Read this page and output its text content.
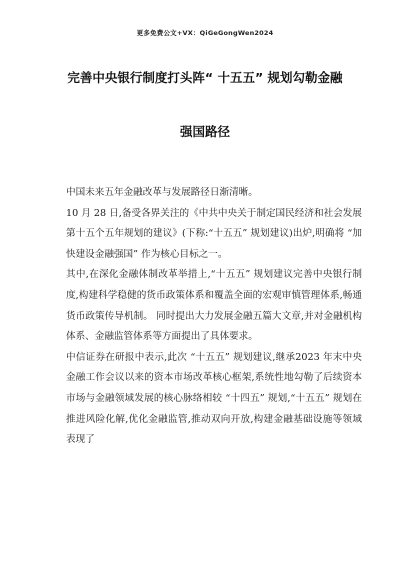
更多免费公文+VX：QiGeGongWen2024
完善中央银行制度打头阵“ 十五五” 规划勾勒金融
强国路径

中国未来五年金融改革与发展路径日渐清晰。

10 月 28 日,备受各界关注的《中共中央关于制定国民经济和社会发展第十五个五年规划的建议》(下称:“十五五” 规划建议)出炉,明确将 “加快建设金融强国” 作为核心目标之一。

其中,在深化金融体制改革举措上,“十五五” 规划建议完善中央银行制度,构建科学稳健的货币政策体系和覆盖全面的宏观审慎管理体系,畅通货币政策传导机制。 同时提出大力发展金融五篇大文章,并对金融机构体系、金融监管体系等方面提出了具体要求。

中信证券在研报中表示,此次 “十五五” 规划建议,继承2023 年末中央金融工作会议以来的资本市场改革核心框架,系统性地勾勒了后续资本市场与金融领域发展的核心脉络相较 “十四五” 规划,“十五五” 规划在推进风险化解,优化金融监管,推动双向开放,构建金融基础设施等领域表现了
